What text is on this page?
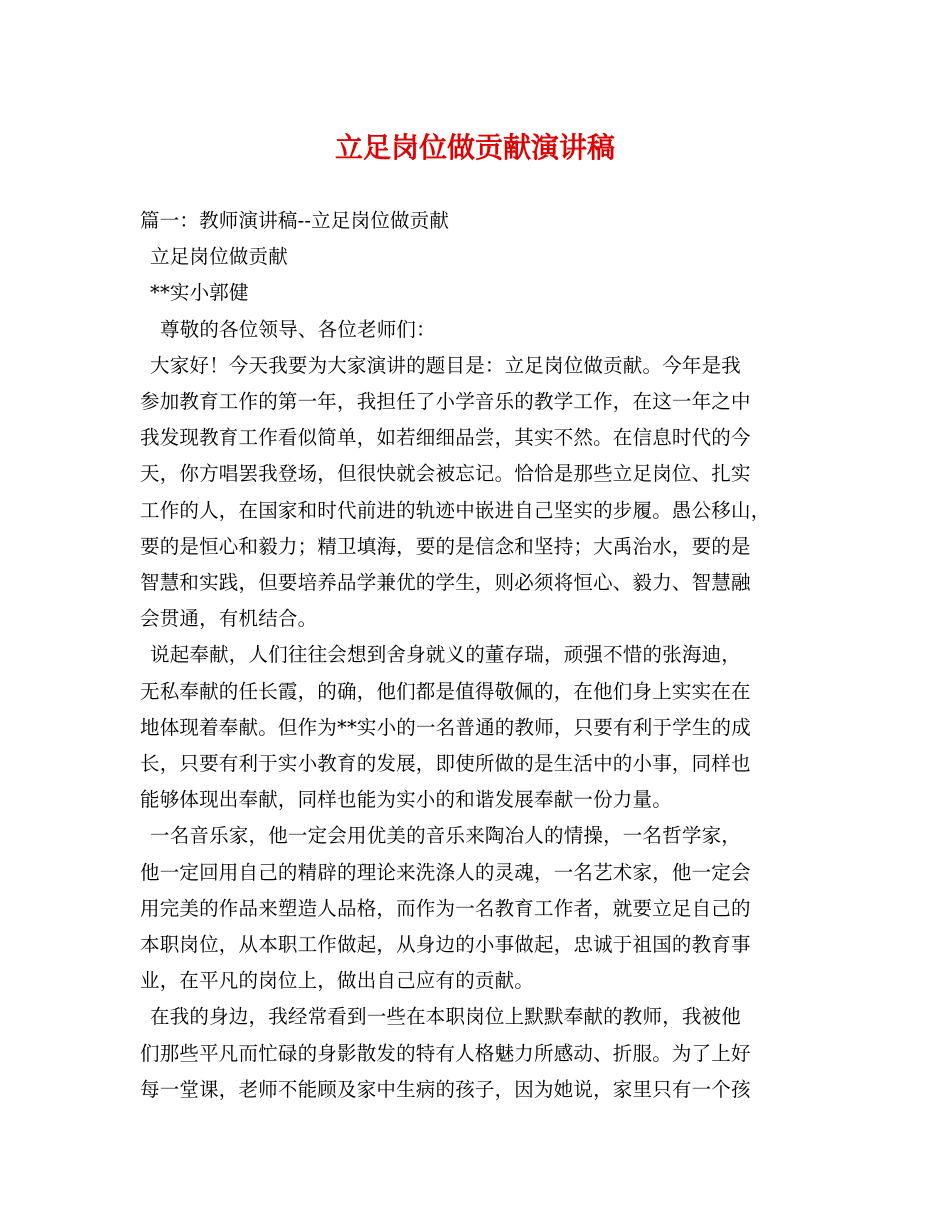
立足岗位做贡献演讲稿

篇一：教师演讲稿--立足岗位做贡献

立足岗位做贡献

**实小郭健

尊敬的各位领导、各位老师们：

大家好！今天我要为大家演讲的题目是：立足岗位做贡献。今年是我

参加教育工作的第一年，我担任了小学音乐的教学工作，在这一年之中

我发现教育工作看似简单，如若细细品尝，其实不然。在信息时代的今

天，你方唱罢我登场，但很快就会被忘记。恰恰是那些立足岗位、扎实

工作的人，在国家和时代前进的轨迹中嵌进自己坚实的步履。愚公移山，

要的是恒心和毅力；精卫填海，要的是信念和坚持；大禹治水，要的是

智慧和实践，但要培养品学兼优的学生，则必须将恒心、毅力、智慧融

会贯通，有机结合。

说起奉献，人们往往会想到舍身就义的董存瑞，顽强不惜的张海迪，

无私奉献的任长霞，的确，他们都是值得敬佩的，在他们身上实实在在

地体现着奉献。但作为**实小的一名普通的教师，只要有利于学生的成

长，只要有利于实小教育的发展，即使所做的是生活中的小事，同样也

能够体现出奉献，同样也能为实小的和谐发展奉献一份力量。

一名音乐家，他一定会用优美的音乐来陶冶人的情操，一名哲学家，

他一定回用自己的精辟的理论来洗涤人的灵魂，一名艺术家，他一定会

用完美的作品来塑造人品格，而作为一名教育工作者，就要立足自己的

本职岗位，从本职工作做起，从身边的小事做起，忠诚于祖国的教育事

业，在平凡的岗位上，做出自己应有的贡献。

在我的身边，我经常看到一些在本职岗位上默默奉献的教师，我被他

们那些平凡而忙碌的身影散发的特有人格魅力所感动、折服。为了上好

每一堂课，老师不能顾及家中生病的孩子，因为她说，家里只有一个孩
